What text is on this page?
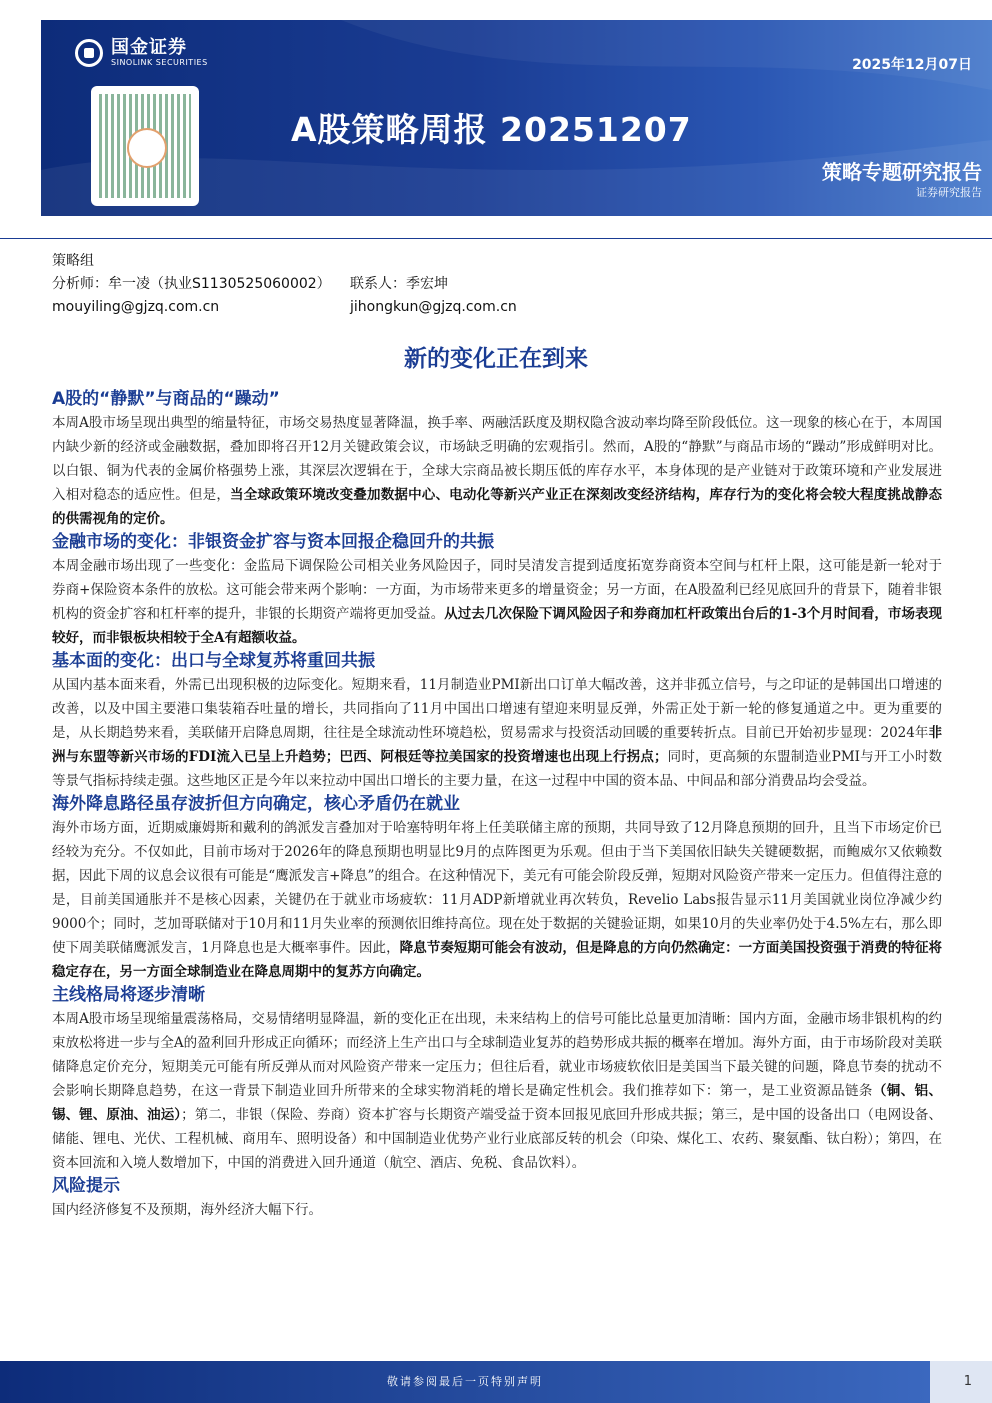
国金证券
SINOLINK SECURITIES	2025年12月07日
A股策略周报 20251207
策略专题研究报告
证券研究报告
策略组
分析师：牟一凌（执业S1130525060002）	联系人：季宏坤
mouyiling@gjzq.com.cn	jihongkun@gjzq.com.cn
新的变化正在到来
A股的“静默”与商品的“躁动”

本周A股市场呈现出典型的缩量特征，市场交易热度显著降温，换手率、两融活跃度及期权隐含波动率均降至阶段低位。这一现象的核心在于，本周国内缺少新的经济或金融数据，叠加即将召开12月关键政策会议，市场缺乏明确的宏观指引。然而，A股的“静默”与商品市场的“躁动”形成鲜明对比。以白银、铜为代表的金属价格强势上涨，其深层次逻辑在于，全球大宗商品被长期压低的库存水平，本身体现的是产业链对于政策环境和产业发展进入相对稳态的适应性。但是，当全球政策环境改变叠加数据中心、电动化等新兴产业正在深刻改变经济结构，库存行为的变化将会较大程度挑战静态的供需视角的定价。

金融市场的变化：非银资金扩容与资本回报企稳回升的共振

本周金融市场出现了一些变化：金监局下调保险公司相关业务风险因子，同时吴清发言提到适度拓宽券商资本空间与杠杆上限，这可能是新一轮对于券商+保险资本条件的放松。这可能会带来两个影响：一方面，为市场带来更多的增量资金；另一方面，在A股盈利已经见底回升的背景下，随着非银机构的资金扩容和杠杆率的提升，非银的长期资产端将更加受益。从过去几次保险下调风险因子和券商加杠杆政策出台后的1-3个月时间看，市场表现较好，而非银板块相较于全A有超额收益。

基本面的变化：出口与全球复苏将重回共振

从国内基本面来看，外需已出现积极的边际变化。短期来看，11月制造业PMI新出口订单大幅改善，这并非孤立信号，与之印证的是韩国出口增速的改善，以及中国主要港口集装箱吞吐量的增长，共同指向了11月中国出口增速有望迎来明显反弹，外需正处于新一轮的修复通道之中。更为重要的是，从长期趋势来看，美联储开启降息周期，往往是全球流动性环境趋松，贸易需求与投资活动回暖的重要转折点。目前已开始初步显现：2024年非洲与东盟等新兴市场的FDI流入已呈上升趋势；巴西、阿根廷等拉美国家的投资增速也出现上行拐点；同时，更高频的东盟制造业PMI与开工小时数等景气指标持续走强。这些地区正是今年以来拉动中国出口增长的主要力量，在这一过程中中国的资本品、中间品和部分消费品均会受益。

海外降息路径虽存波折但方向确定，核心矛盾仍在就业

海外市场方面，近期威廉姆斯和戴利的鸽派发言叠加对于哈塞特明年将上任美联储主席的预期，共同导致了12月降息预期的回升，且当下市场定价已经较为充分。不仅如此，目前市场对于2026年的降息预期也明显比9月的点阵图更为乐观。但由于当下美国依旧缺失关键硬数据，而鲍威尔又依赖数据，因此下周的议息会议很有可能是“鹰派发言+降息”的组合。在这种情况下，美元有可能会阶段反弹，短期对风险资产带来一定压力。但值得注意的是，目前美国通胀并不是核心因素，关键仍在于就业市场疲软：11月ADP新增就业再次转负，Revelio Labs报告显示11月美国就业岗位净减少约9000个；同时，芝加哥联储对于10月和11月失业率的预测依旧维持高位。现在处于数据的关键验证期，如果10月的失业率仍处于4.5%左右，那么即使下周美联储鹰派发言，1月降息也是大概率事件。因此，降息节奏短期可能会有波动，但是降息的方向仍然确定：一方面美国投资强于消费的特征将稳定存在，另一方面全球制造业在降息周期中的复苏方向确定。

主线格局将逐步清晰

本周A股市场呈现缩量震荡格局，交易情绪明显降温，新的变化正在出现，未来结构上的信号可能比总量更加清晰：国内方面，金融市场非银机构的约束放松将进一步与全A的盈利回升形成正向循环；而经济上生产出口与全球制造业复苏的趋势形成共振的概率在增加。海外方面，由于市场阶段对美联储降息定价充分，短期美元可能有所反弹从而对风险资产带来一定压力；但往后看，就业市场疲软依旧是美国当下最关键的问题，降息节奏的扰动不会影响长期降息趋势，在这一背景下制造业回升所带来的全球实物消耗的增长是确定性机会。我们推荐如下：第一，是工业资源品链条（铜、铝、锡、锂、原油、油运）；第二，非银（保险、券商）资本扩容与长期资产端受益于资本回报见底回升形成共振；第三，是中国的设备出口（电网设备、储能、锂电、光伏、工程机械、商用车、照明设备）和中国制造业优势产业行业底部反转的机会（印染、煤化工、农药、聚氨酯、钛白粉）；第四，在资本回流和入境人数增加下，中国的消费进入回升通道（航空、酒店、免税、食品饮料）。

风险提示

国内经济修复不及预期，海外经济大幅下行。

敬请参阅最后一页特别声明	1
